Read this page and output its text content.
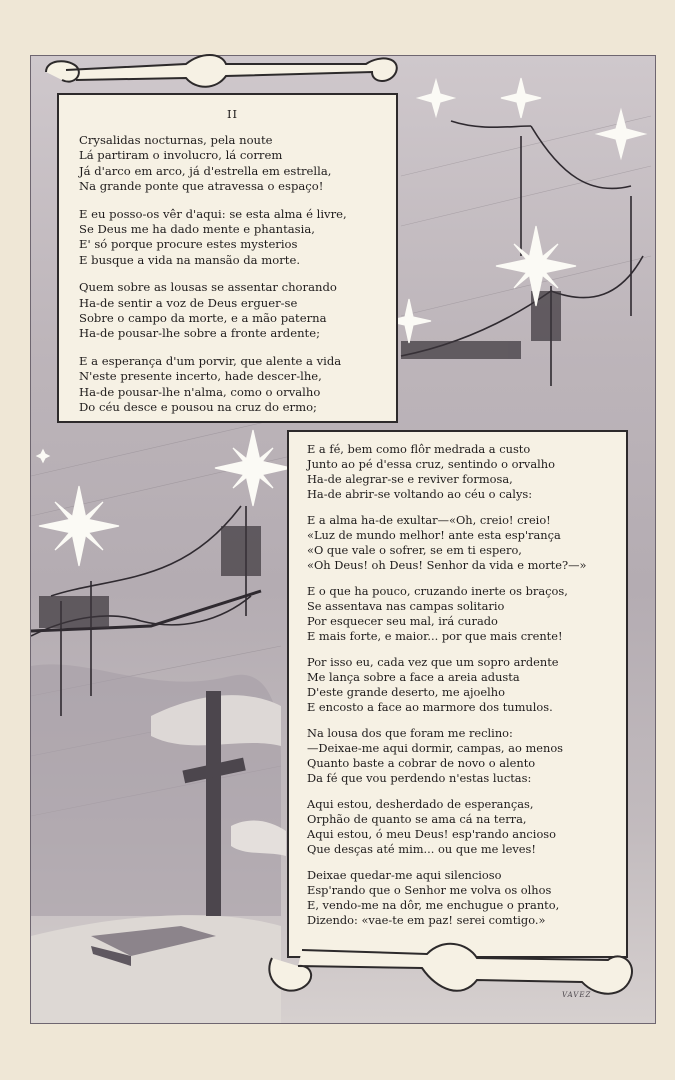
II
Crysalidas nocturnas, pela noute
Lá partiram o involucro, lá correm
Já d'arco em arco, já d'estrella em estrella,
Na grande ponte que atravessa o espaço!
E eu posso-os vêr d'aqui: se esta alma é livre,
Se Deus me ha dado mente e phantasia,
E' só porque procure estes mysterios
E busque a vida na mansão da morte.
Quem sobre as lousas se assentar chorando
Ha-de sentir a voz de Deus erguer-se
Sobre o campo da morte, e a mão paterna
Ha-de pousar-lhe sobre a fronte ardente;
E a esperança d'um porvir, que alente a vida
N'este presente incerto, hade descer-lhe,
Ha-de pousar-lhe n'alma, como o orvalho
Do céu desce e pousou na cruz do ermo;
E a fé, bem como flôr medrada a custo
Junto ao pé d'essa cruz, sentindo o orvalho
Ha-de alegrar-se e reviver formosa,
Ha-de abrir-se voltando ao céu o calys:
E a alma ha-de exultar—«Oh, creio! creio!
«Luz de mundo melhor! ante esta esp'rança
«O que vale o sofrer, se em ti espero,
«Oh Deus! oh Deus! Senhor da vida e morte?—»
E o que ha pouco, cruzando inerte os braços,
Se assentava nas campas solitario
Por esquecer seu mal, irá curado
E mais forte, e maior... por que mais crente!
Por isso eu, cada vez que um sopro ardente
Me lança sobre a face a areia adusta
D'este grande deserto, me ajoelho
E encosto a face ao marmore dos tumulos.
Na lousa dos que foram me reclino:
—Deixae-me aqui dormir, campas, ao menos
Quanto baste a cobrar de novo o alento
Da fé que vou perdendo n'estas luctas:
Aqui estou, desherdado de esperanças,
Orphão de quanto se ama cá na terra,
Aqui estou, ó meu Deus! esp'rando ancioso
Que desças até mim... ou que me leves!
Deixae quedar-me aqui silencioso
Esp'rando que o Senhor me volva os olhos
E, vendo-me na dôr, me enchugue o pranto,
Dizendo: «vae-te em paz! serei comtigo.»
VAVEZ
